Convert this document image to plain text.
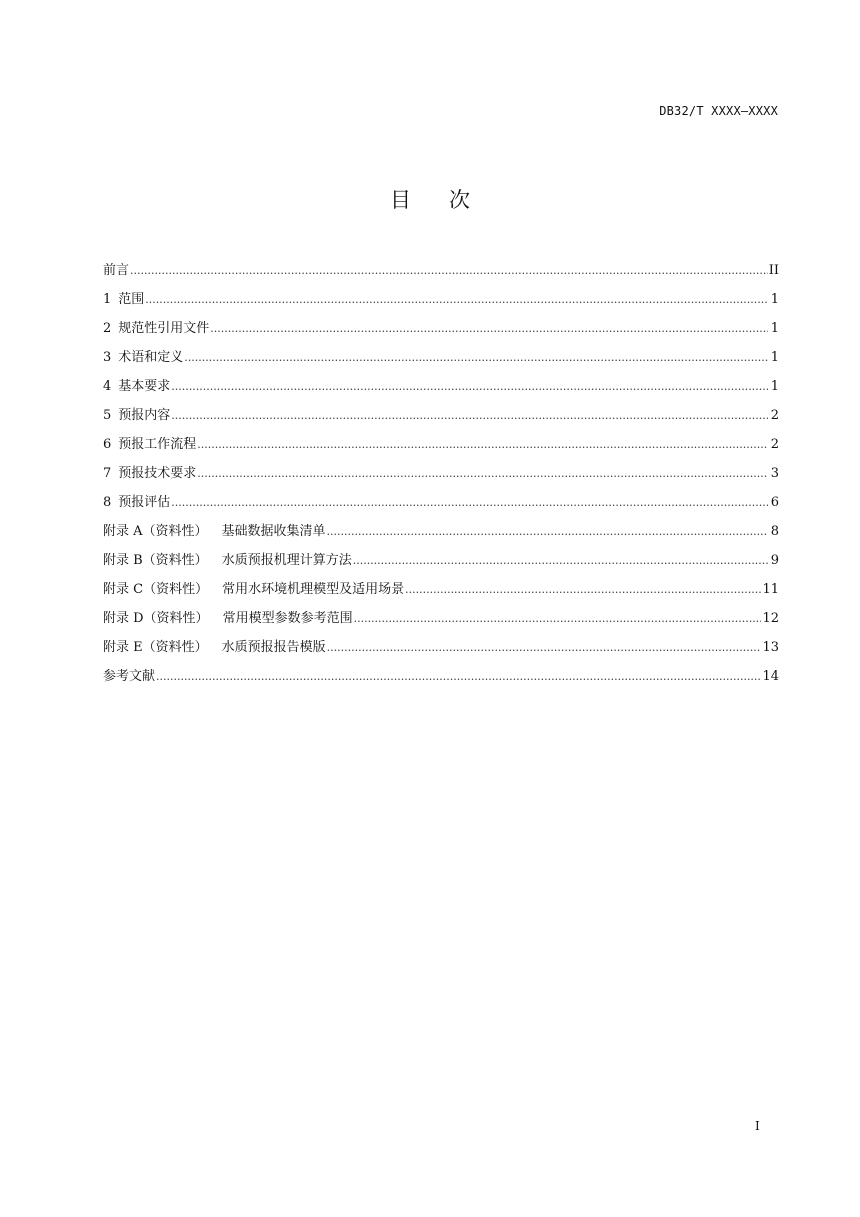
DB32/T XXXX—XXXX
目 次
前言 .....	II
1 范围 .....	1
2 规范性引用文件 .....	1
3 术语和定义 .....	1
4 基本要求 .....	1
5 预报内容 .....	2
6 预报工作流程 .....	2
7 预报技术要求 .....	3
8 预报评估 .....	6
附录 A（资料性） 基础数据收集清单 .....	8
附录 B（资料性） 水质预报机理计算方法 .....	9
附录 C（资料性） 常用水环境机理模型及适用场景 .....	11
附录 D（资料性） 常用模型参数参考范围 .....	12
附录 E（资料性） 水质预报报告模版 .....	13
参考文献 .....	14
I
